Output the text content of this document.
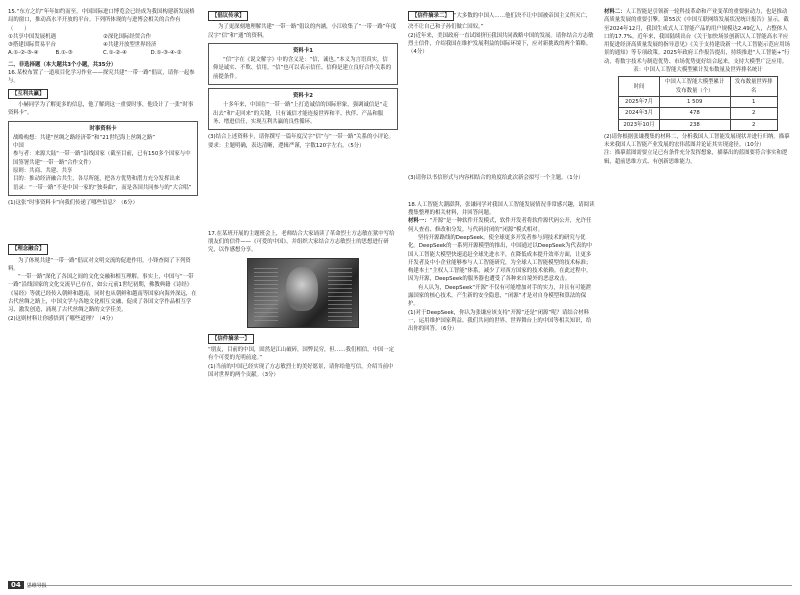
15.“东方之約”年年如约而至，中国国际进口博览会已经成为我国构建新发展格局的窗口，推动高水平开放的平台。下列所体现的与进博会相关的合作有（　　）

①共享中国发展机遇	②深化国际经贸合作
③搭建国际贸易平台	④共建开放型世界经济
A.①-②-③-④	B.①-③	C.①-②-④	D.①-③-④-②

二、非选择题（本大题共3个小题，共35分）

16.某校布置了一道项目化学习作业——探究共建“一带一路”倡议，请你一起参与。

【互利共赢】

小赫同学为了解更多的信息，他了解到这一重要时事，他设计了一张“时事资料卡”。

时事资料卡

战略构想：共建“丝绸之路经济带”和“21世纪海上丝绸之路”

中国

参与者：来源大陆“一带一路”沿线国家（截至目前，已有150多个国家与中国签署共建“一带一路”合作文件）

原则：共商、共建、共享

目的：推动经济融合共生，各尽所能，把各方优势和潜力充分发挥出来

语录：“一带一路”不是中国一家的“独奏曲”，而是各国共同参与的“大合唱”

(1)这张“时事资料卡”向我们传递了哪些信息？（6分）

【理念融合】

为了体现共建“一带一路”倡议对文明交流的促进作用，小锋查阅了下列资料。

“一带一路”深化了各国之间的文化交融和相互理解。事实上，中国与“一带一路”沿线国家的文化交流早已存在，如公元前1世纪初期，佛教典籍《诗经》《易经》等就已经传入朝鲜和越南，同时也从朝鲜和越南等国家向海外深远，在古代丝绸之路上，中国文学与各地文化相互交融，促成了各国文学作品相互学习、激发创造，涌现了古代丝绸之路的文学佳美。

(2)这则材料让你感悟到了哪些道理？（4分）

【倡议传承】

为了更深刻地理解共建“一带一路”倡议的内涵，小江收集了“一带一路”年度汉字“信”和“通”的资料。

资料卡1

“信”字在《说文解字》中的含义是：“信，诚也。”本义为言语真实，信仰是诚实、不欺、信用。“信”也可以表示信任、信仰是建立良好合作关系的前提条件。

资料卡2

十多年来，中国在“一带一路”上打造诚信的国际形象，强调诚信是“走出去”和“走回来”的关键，只有诚信才能连接世界和平、伙伴、产品和服务、增进信任，实现互利共赢的良性循环。

(3)结合上述资料卡，请你撰写一篇年度汉字“信”与“一带一路”关系的小评论。要求：主题明确，表达清晰，逻辑严谨，字数120字左右。（5分）

17.在某班开展的主题班会上，老师结合大家诵读了革命烈士方志敏在狱中写给朋友们的信件——《可爱的中国》，并组织大家结合方志敏烈士的思想进行研究，以作感想分享。

【信件摘录一】

“朋友，目前的中国，固然是江山破碎，国弊民穷，但……我们相信，中国一定有个可爱的光明前途。”

(1)当前的中国已经实现了方志敏烈士的美好愿景，请你给他写信，介绍当前中国对世界的两个贡献。（3分）

【信件摘录二】 “大多数的中国人……他们决不让中国被帝国主义所灭亡，决不让自己和子孙们做亡国奴。”

(2)近年来，美国政府一直试图挤压我国共同战略中国的发展。请你结合方志敏烈士信件，介绍我国在维护发展利益的国际环境下，应对新挑战的两个策略。（4分）

(3)请你以书信形式与内容相结合的角度给此次新会拟写一个主题。（1分）

18.人工智能大潮澎湃，张谦同学对我国人工智能发展情况非常感兴趣，请阅读搜集整理的相关材料，并回答问题。

材料一：“开源”是一种软件开发模式，软件开发者将软件源代码公开，允许任何人查看、修改和分发。与代码封闭的“闭源”模式相对。

坚持开源路线的DeepSeek，使全球更多开发者参与到技术的研究与优化。DeepSeek的一系列开源模型的推出，中国通过以DeepSeek为代表的中国人工智能大模型快速追赶全球先进水平，在降低成本提升效率方面，让更多开发者及中小企业能够参与人工智能研究，为全球人工智能模型的技术标准；构建本土“主权人工智能”体系，减少了对西方国家的技术依赖。在此过程中，因为开源，DeepSeek的服务器也遭受了各种来自境外的恶意攻击。

有人认为，DeepSeek“开源”不仅有可能增加对手的实力，并且有可能泄露国家的核心技术，产生新的安全隐患，“闭源”才是对自身模型和算法的保护。

(1)对于DeepSeek，你认为张谦应该支持“开源”还是“闭源”呢？请结合材料一，运用维护国家利益、我们共同的世界、世界舞台上的中国等相关知识，给出你的回答。（6分）

材料二：人工智能是引领新一轮科技革命和产业变革的重要驱动力，也是推动高质量发展的重要引擎。第55次《中国互联网络发展状况统计报告》显示，截至2024年12月，我国生成式人工智能产品的用户规模达2.49亿人，占整体人口的17.7%。近年来，我国陆续出台《关于加快场景创新以人工智能高水平应用促进经济高质量发展的指导意见》《关于支持建设新一代人工智能示范应用场景的通知》等专项政策。2025年政府工作报告提出，持续推进“人工智能+”行动，将数字技术与制造优势、市场优势更好结合起来，支持大模型广泛应用。

表：中国人工智能大模型累计发布数量及世界排名统计

时间	中国人工智能大模型累计发布数量（个）	发布数量世界排名
2025年7月	1 509	1
2024年3月	478	2
2023年10月	238	2

(2)请你根据张谦搜集的材料二，分析我国人工智能发展现状并进行归纳。描摹未来我国人工智能产业发展的宏伟蓝图并论证其实现途径。（10分）

注：描摹蓝图需要立足已有条件充分发挥想象，描摹出的蓝图要符合事实和逻辑，超前思维方式、有创新思维能力。

04	思维导报
